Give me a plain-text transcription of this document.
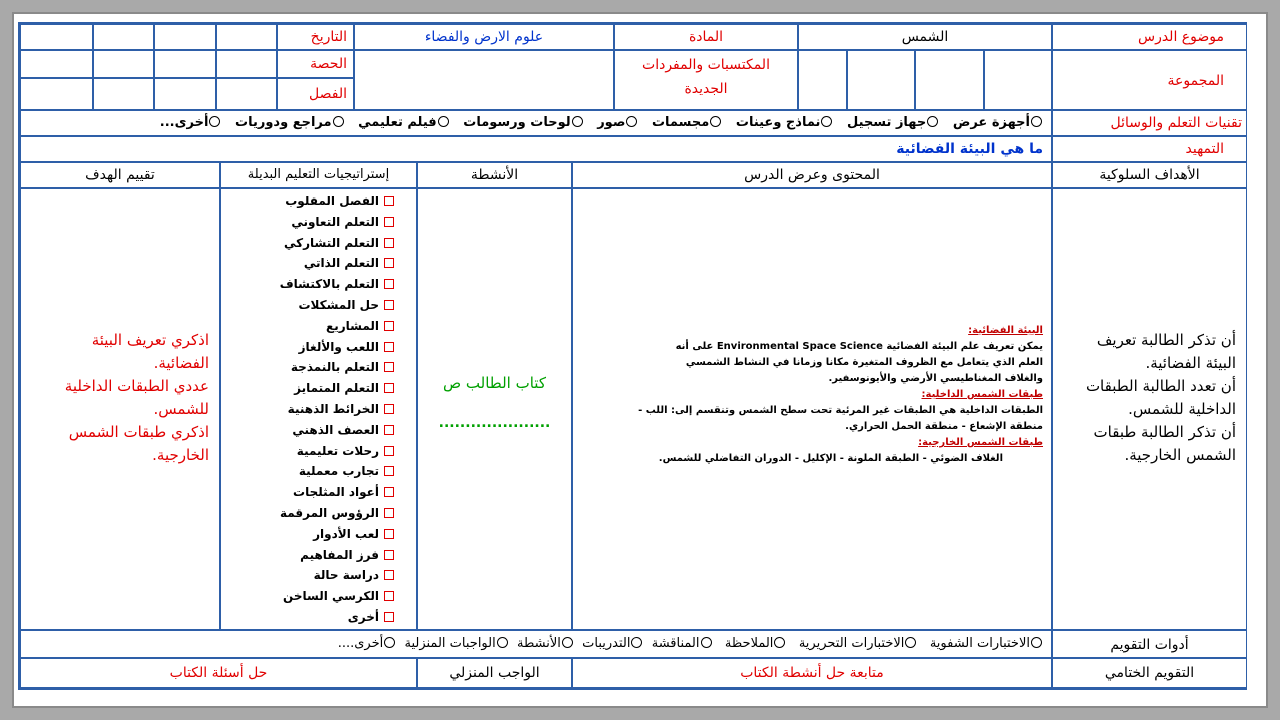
موضوع الدرس
الشمس
المادة
علوم الارض والفضاء
التاريخ
المجموعة
المكتسبات والمفردات
الجديدة
الحصة
الفصل
تقنيات التعلم والوسائل
أجهزة عرض   جهاز تسجيل   نماذج وعينات   مجسمات   صور   لوحات ورسومات   فيلم تعليمي   مراجع ودوريات   أخرى...
التمهيد
ما هي البيئة الفضائية
الأهداف السلوكية
المحتوى وعرض الدرس
الأنشطة
إستراتيجيات التعليم البديلة
تقييم الهدف
أن تذكر الطالبة تعريف
البيئة الفضائية.
أن تعدد الطالبة الطبقات
الداخلية للشمس.
أن تذكر الطالبة طبقات
الشمس الخارجية.

البيئة الفضائية:

يمكن تعريف علم البيئة الفضائية Environmental Space Science على أنه

العلم الذي يتعامل مع الظروف المتغيرة مكانا وزمانا في النشاط الشمسي

والغلاف المغناطيسي الأرضي والأيونوسفير.

طبقات الشمس الداخلية:

الطبقات الداخلية هي الطبقات غير المرئية تحت سطح الشمس وتنقسم إلى: اللب -

منطقة الإشعاع - منطقة الحمل الحراري.

طبقات الشمس الخارجية:

الغلاف الضوئي - الطبقة الملونة - الإكليل - الدوران التفاضلي للشمس.

كتاب الطالب ص
.....................
الفصل المقلوب
التعلم التعاوني
التعلم التشاركي
التعلم الذاتي
التعلم بالاكتشاف
حل المشكلات
المشاريع
اللعب والألغاز
التعلم بالنمذجة
التعلم المتمايز
الخرائط الذهنية
العصف الذهني
رحلات تعليمية
تجارب معملية
أعواد المثلجات
الرؤوس المرقمة
لعب الأدوار
فرز المفاهيم
دراسة حالة
الكرسي الساخن
أخرى
اذكري تعريف البيئة
الفضائية.
عددي الطبقات الداخلية
للشمس.
اذكري طبقات الشمس
الخارجية.
أدوات التقويم
الاختبارات الشفوية   الاختبارات التحريرية   الملاحظة   المناقشة  التدريبات  الأنشطة  الواجبات المنزلية  أخرى....
التقويم الختامي
متابعة حل أنشطة الكتاب
الواجب المنزلي
حل أسئلة الكتاب
